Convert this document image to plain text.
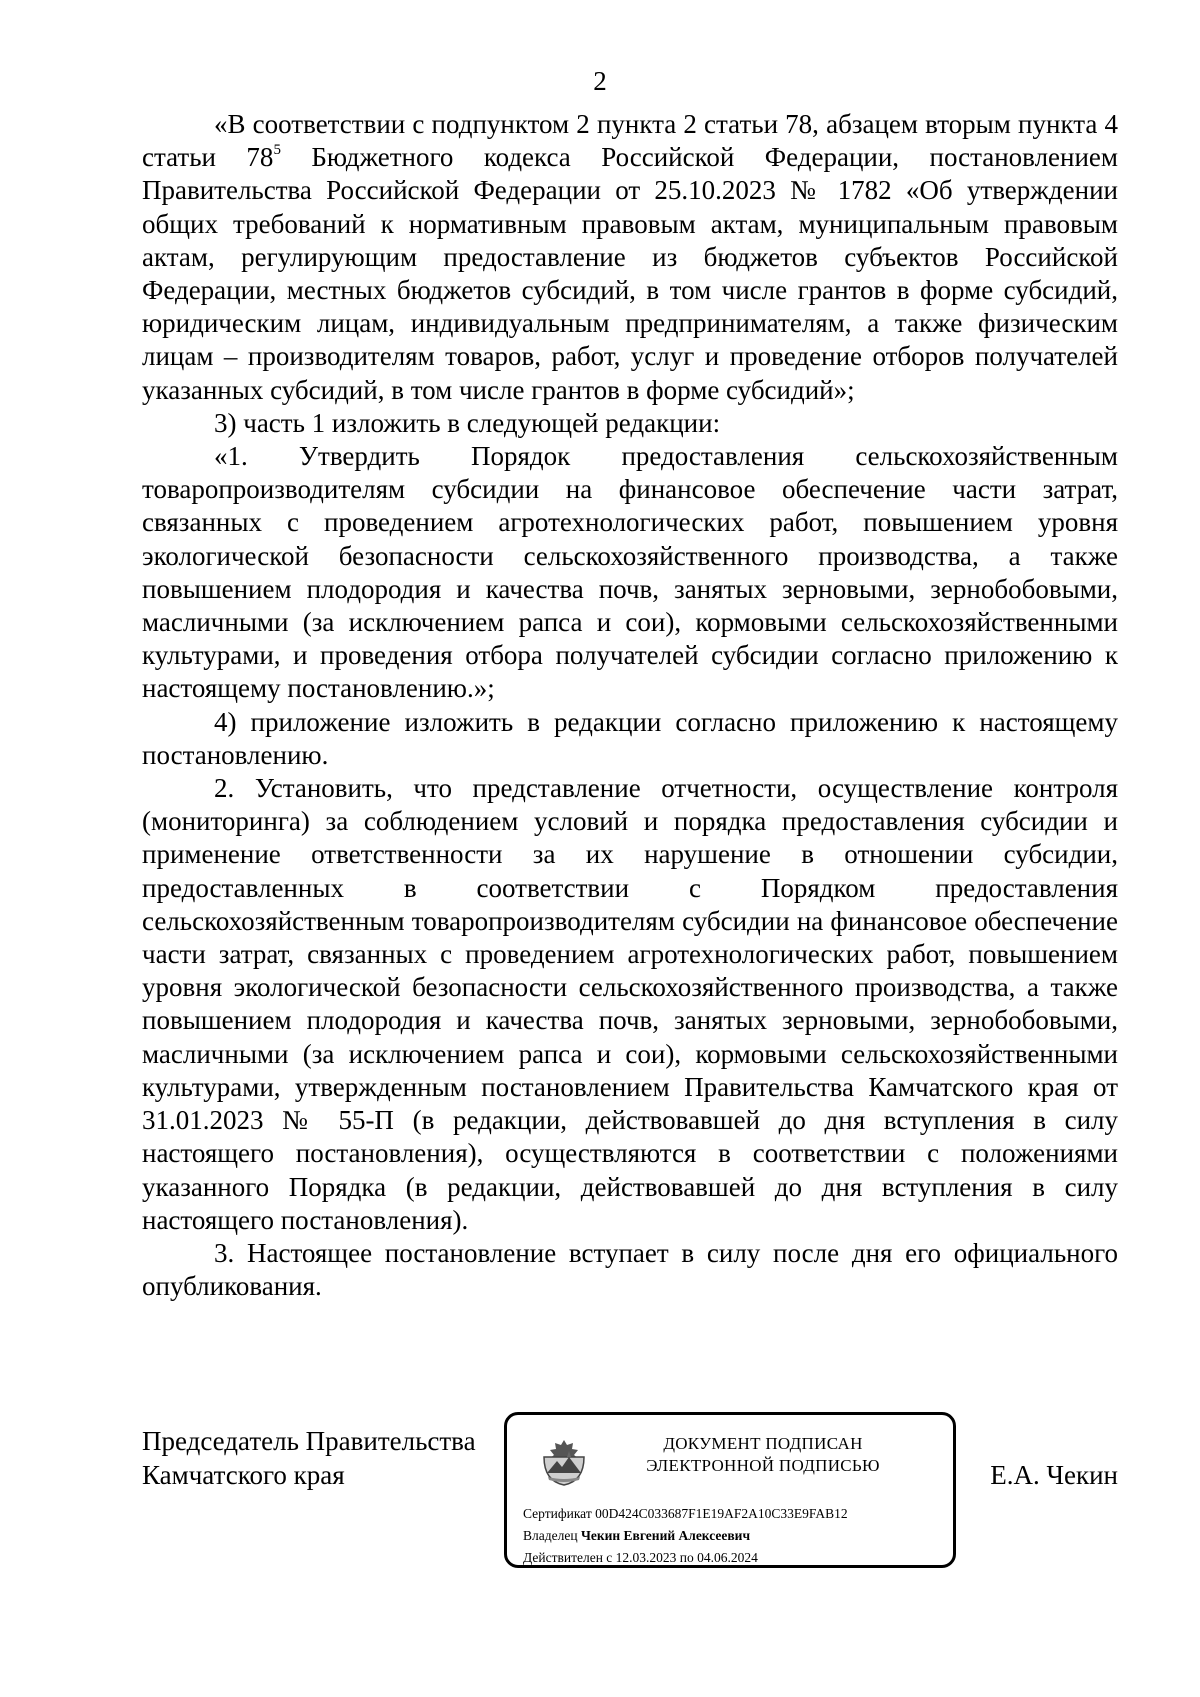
2

«В соответствии с подпунктом 2 пункта 2 статьи 78, абзацем вторым пункта 4 статьи $78^5$ Бюджетного кодекса Российской Федерации, постановлением Правительства Российской Федерации от 25.10.2023 № 1782 «Об утверждении общих требований к нормативным правовым актам, муниципальным правовым актам, регулирующим предоставление из бюджетов субъектов Российской Федерации, местных бюджетов субсидий, в том числе грантов в форме субсидий, юридическим лицам, индивидуальным предпринимателям, а также физическим лицам – производителям товаров, работ, услуг и проведение отборов получателей указанных субсидий, в том числе грантов в форме субсидий»;

3) часть 1 изложить в следующей редакции:

«1. Утвердить Порядок предоставления сельскохозяйственным товаропроизводителям субсидии на финансовое обеспечение части затрат, связанных с проведением агротехнологических работ, повышением уровня экологической безопасности сельскохозяйственного производства, а также повышением плодородия и качества почв, занятых зерновыми, зернобобовыми, масличными (за исключением рапса и сои), кормовыми сельскохозяйственными культурами, и проведения отбора получателей субсидии согласно приложению к настоящему постановлению.»;

4) приложение изложить в редакции согласно приложению к настоящему постановлению.

2. Установить, что представление отчетности, осуществление контроля (мониторинга) за соблюдением условий и порядка предоставления субсидии и применение ответственности за их нарушение в отношении субсидии, предоставленных в соответствии с Порядком предоставления сельскохозяйственным товаропроизводителям субсидии на финансовое обеспечение части затрат, связанных с проведением агротехнологических работ, повышением уровня экологической безопасности сельскохозяйственного производства, а также повышением плодородия и качества почв, занятых зерновыми, зернобобовыми, масличными (за исключением рапса и сои), кормовыми сельскохозяйственными культурами, утвержденным постановлением Правительства Камчатского края от 31.01.2023 № 55-П (в редакции, действовавшей до дня вступления в силу настоящего постановления), осуществляются в соответствии с положениями указанного Порядка (в редакции, действовавшей до дня вступления в силу настоящего постановления).

3. Настоящее постановление вступает в силу после дня его официального опубликования.

Председатель Правительства
Камчатского края
ДОКУМЕНТ ПОДПИСАН
ЭЛЕКТРОННОЙ ПОДПИСЬЮ
Сертификат 00D424C033687F1E19AF2A10C33E9FAB12
Владелец Чекин Евгений Алексеевич
Действителен с 12.03.2023 по 04.06.2024
Е.А. Чекин
